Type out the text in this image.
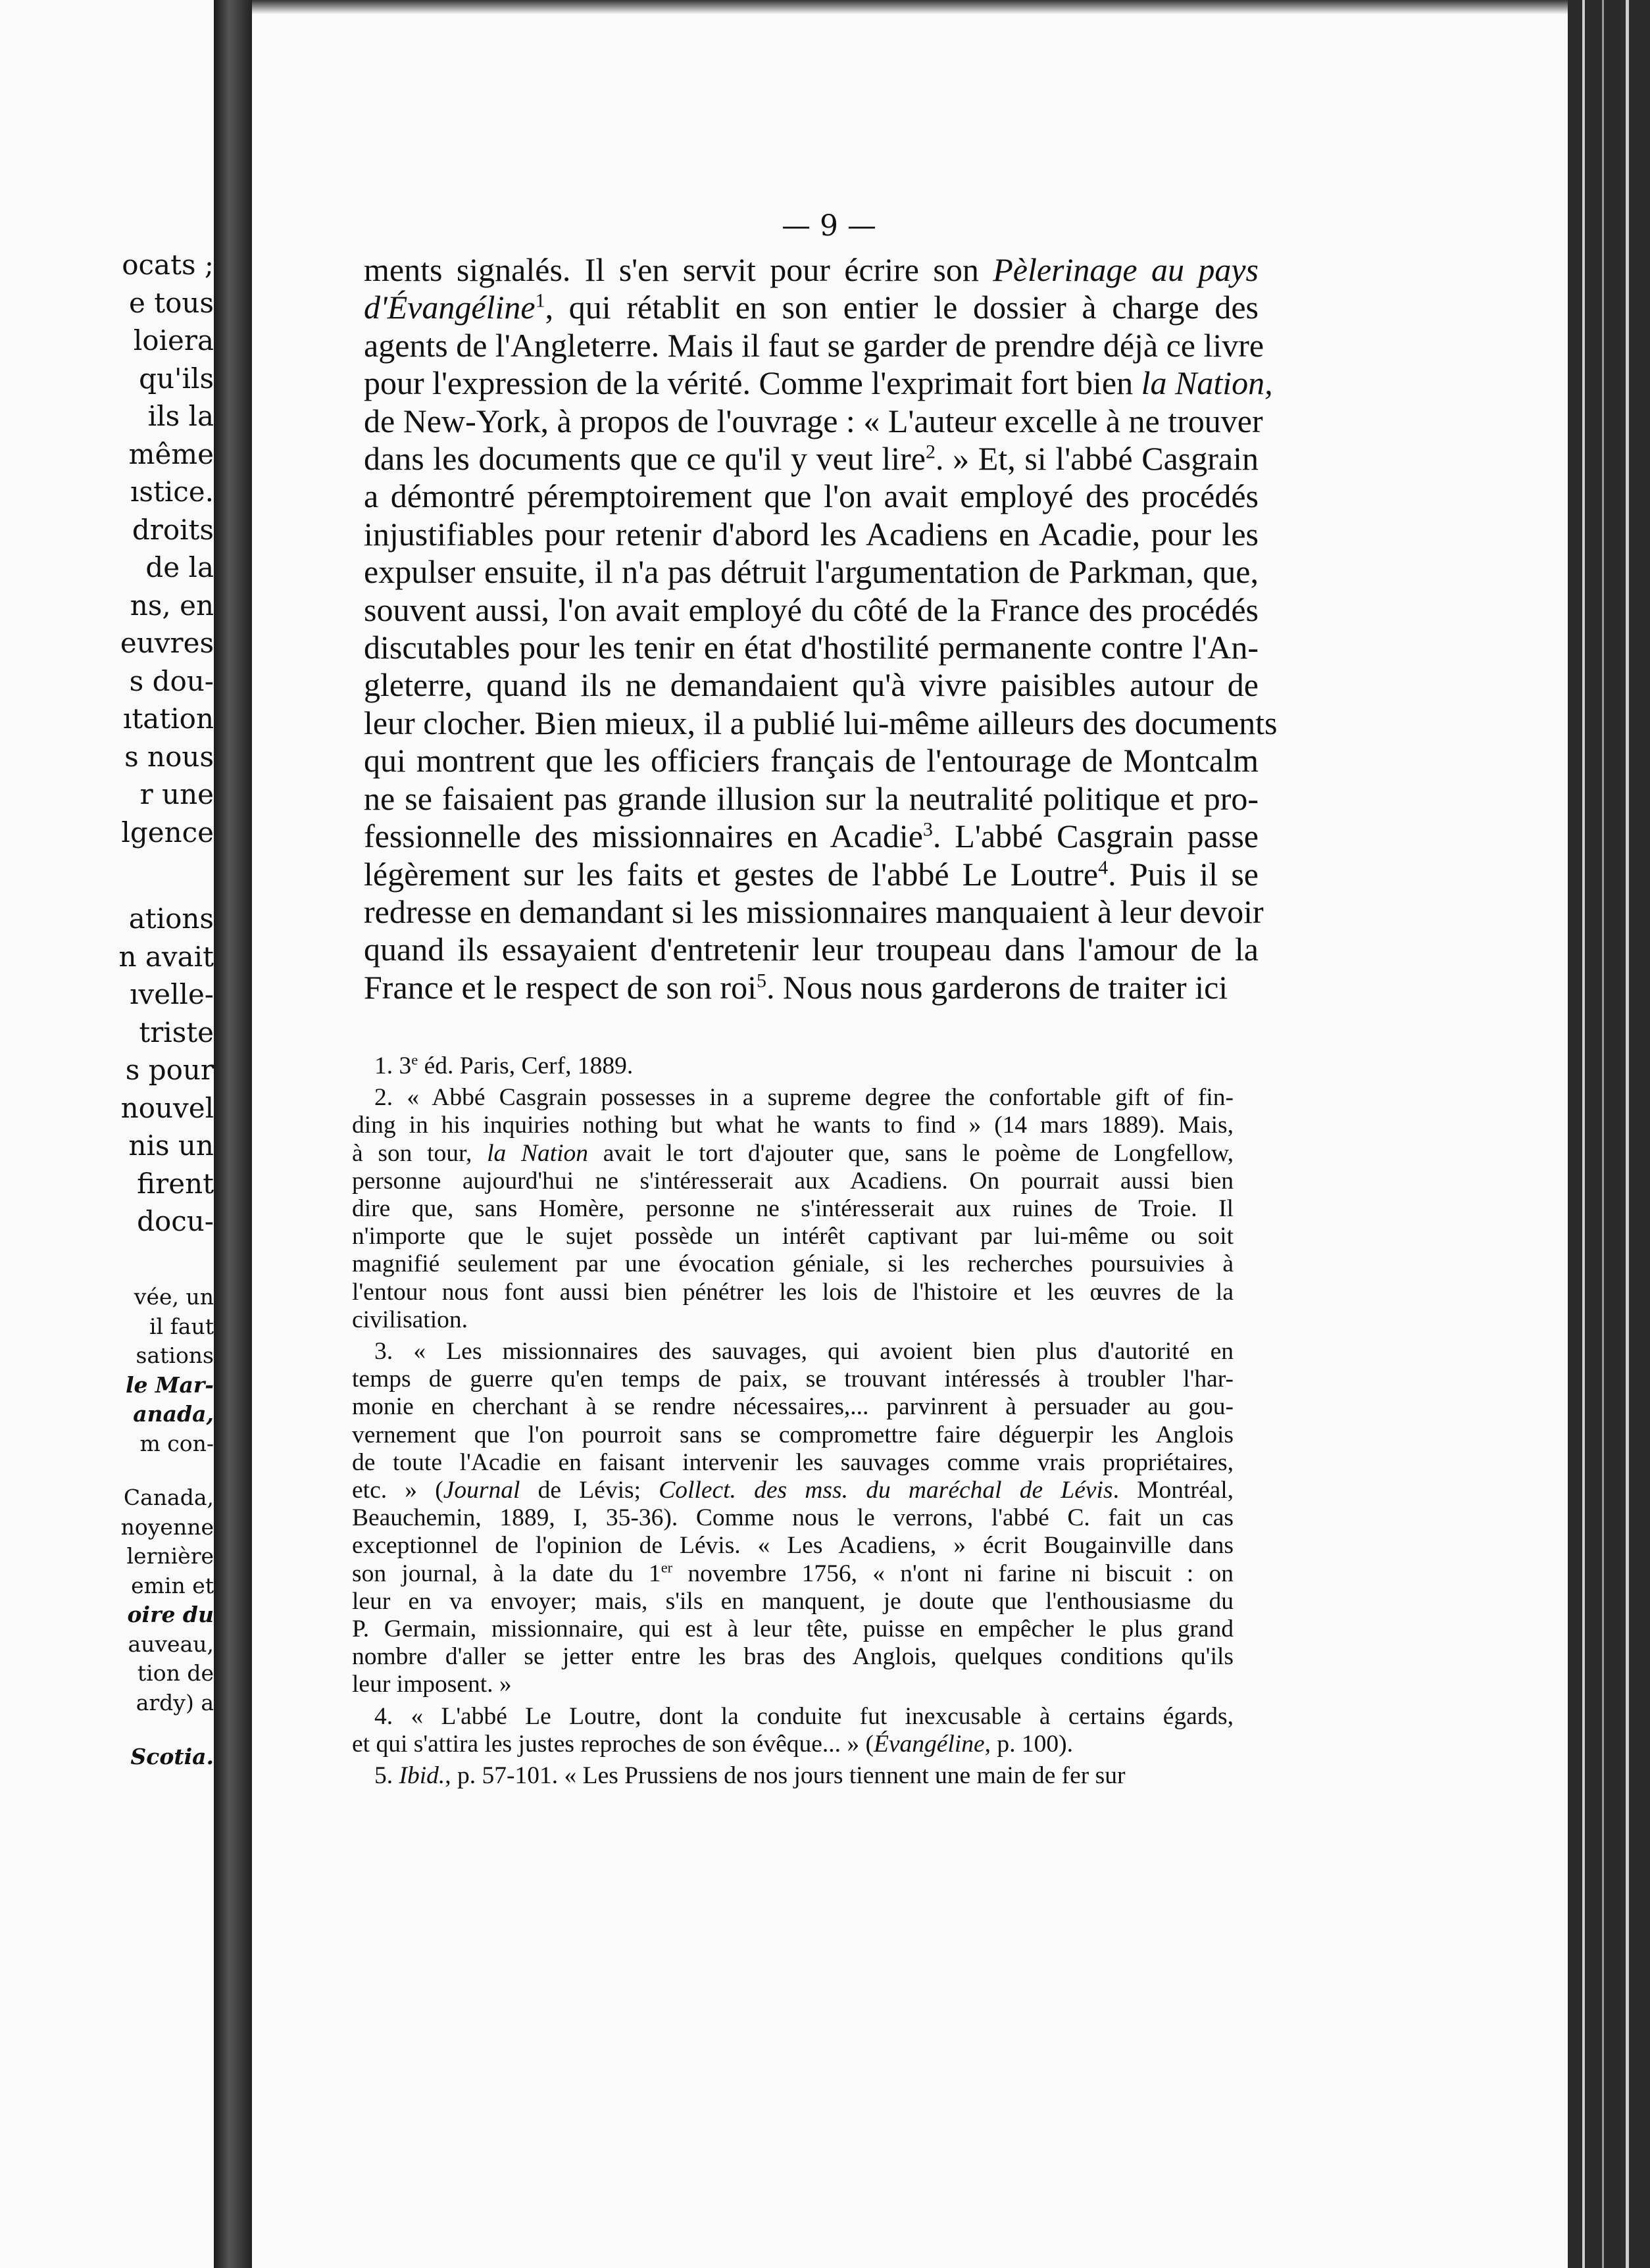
ocats ;
e tous
loiera
qu'ils
ils la
même
ıstice.
droits
de la
ns, en
euvres
s dou-
ıtation
s nous
r une
lgence
ations
n avait
ıvelle-
triste
s pour
nouvel
nis un
firent
docu-
vée, un
il faut
sations
le Mar-
anada,
m con-
Canada,
noyenne
lernière
emin et
oire du
auveau,
tion de
ardy) a
Scotia.
— 9 —
ments signalés. Il s'en servit pour écrire son Pèlerinage au pays
d'Évangéline$^1$, qui rétablit en son entier le dossier à charge des
agents de l'Angleterre. Mais il faut se garder de prendre déjà ce livre
pour l'expression de la vérité. Comme l'exprimait fort bien la Nation,
de New-York, à propos de l'ouvrage : « L'auteur excelle à ne trouver
dans les documents que ce qu'il y veut lire$^2$. » Et, si l'abbé Casgrain
a démontré péremptoirement que l'on avait employé des procédés
injustifiables pour retenir d'abord les Acadiens en Acadie, pour les
expulser ensuite, il n'a pas détruit l'argumentation de Parkman, que,
souvent aussi, l'on avait employé du côté de la France des procédés
discutables pour les tenir en état d'hostilité permanente contre l'An-
gleterre, quand ils ne demandaient qu'à vivre paisibles autour de
leur clocher. Bien mieux, il a publié lui-même ailleurs des documents
qui montrent que les officiers français de l'entourage de Montcalm
ne se faisaient pas grande illusion sur la neutralité politique et pro-
fessionnelle des missionnaires en Acadie$^3$. L'abbé Casgrain passe
légèrement sur les faits et gestes de l'abbé Le Loutre$^4$. Puis il se
redresse en demandant si les missionnaires manquaient à leur devoir
quand ils essayaient d'entretenir leur troupeau dans l'amour de la
France et le respect de son roi$^5$. Nous nous garderons de traiter ici
1. 3e éd. Paris, Cerf, 1889.
2. « Abbé Casgrain possesses in a supreme degree the confortable gift of fin-
ding in his inquiries nothing but what he wants to find » (14 mars 1889). Mais,
à son tour, la Nation avait le tort d'ajouter que, sans le poème de Longfellow,
personne aujourd'hui ne s'intéresserait aux Acadiens. On pourrait aussi bien
dire que, sans Homère, personne ne s'intéresserait aux ruines de Troie. Il
n'importe que le sujet possède un intérêt captivant par lui-même ou soit
magnifié seulement par une évocation géniale, si les recherches poursuivies à
l'entour nous font aussi bien pénétrer les lois de l'histoire et les œuvres de la
civilisation.
3. « Les missionnaires des sauvages, qui avoient bien plus d'autorité en
temps de guerre qu'en temps de paix, se trouvant intéressés à troubler l'har-
monie en cherchant à se rendre nécessaires,... parvinrent à persuader au gou-
vernement que l'on pourroit sans se compromettre faire déguerpir les Anglois
de toute l'Acadie en faisant intervenir les sauvages comme vrais propriétaires,
etc. » (Journal de Lévis; Collect. des mss. du maréchal de Lévis. Montréal,
Beauchemin, 1889, I, 35-36). Comme nous le verrons, l'abbé C. fait un cas
exceptionnel de l'opinion de Lévis. « Les Acadiens, » écrit Bougainville dans
son journal, à la date du 1er novembre 1756, « n'ont ni farine ni biscuit : on
leur en va envoyer; mais, s'ils en manquent, je doute que l'enthousiasme du
P. Germain, missionnaire, qui est à leur tête, puisse en empêcher le plus grand
nombre d'aller se jetter entre les bras des Anglois, quelques conditions qu'ils
leur imposent. »
4. « L'abbé Le Loutre, dont la conduite fut inexcusable à certains égards,
et qui s'attira les justes reproches de son évêque... » (Évangéline, p. 100).
5. Ibid., p. 57-101. « Les Prussiens de nos jours tiennent une main de fer sur
